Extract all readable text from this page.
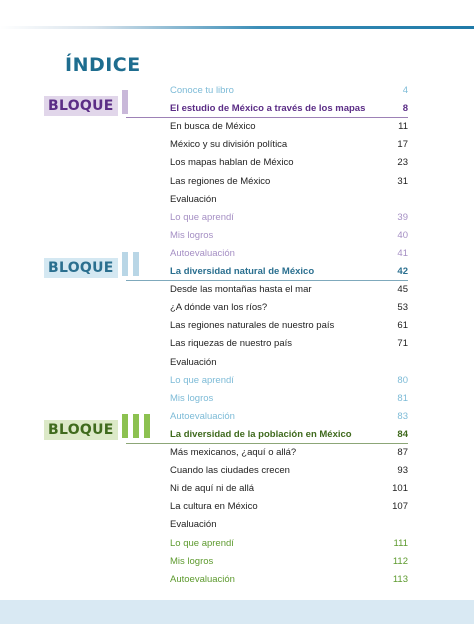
ÍNDICE
BLOQUE
BLOQUE
BLOQUE
Conoce tu libro	4
El estudio de México a través de los mapas	8
En busca de México	11
México y su división política	17
Los mapas hablan de México	23
Las regiones de México	31
Evaluación
Lo que aprendí	39
Mis logros	40
Autoevaluación	41
La diversidad natural de México	42
Desde las montañas hasta el mar	45
¿A dónde van los ríos?	53
Las regiones naturales de nuestro país	61
Las riquezas de nuestro país	71
Evaluación
Lo que aprendí	80
Mis logros	81
Autoevaluación	83
La diversidad de la población en México	84
Más mexicanos, ¿aquí o allá?	87
Cuando las ciudades crecen	93
Ni de aquí ni de allá	101
La cultura en México	107
Evaluación
Lo que aprendí	111
Mis logros	112
Autoevaluación	113
